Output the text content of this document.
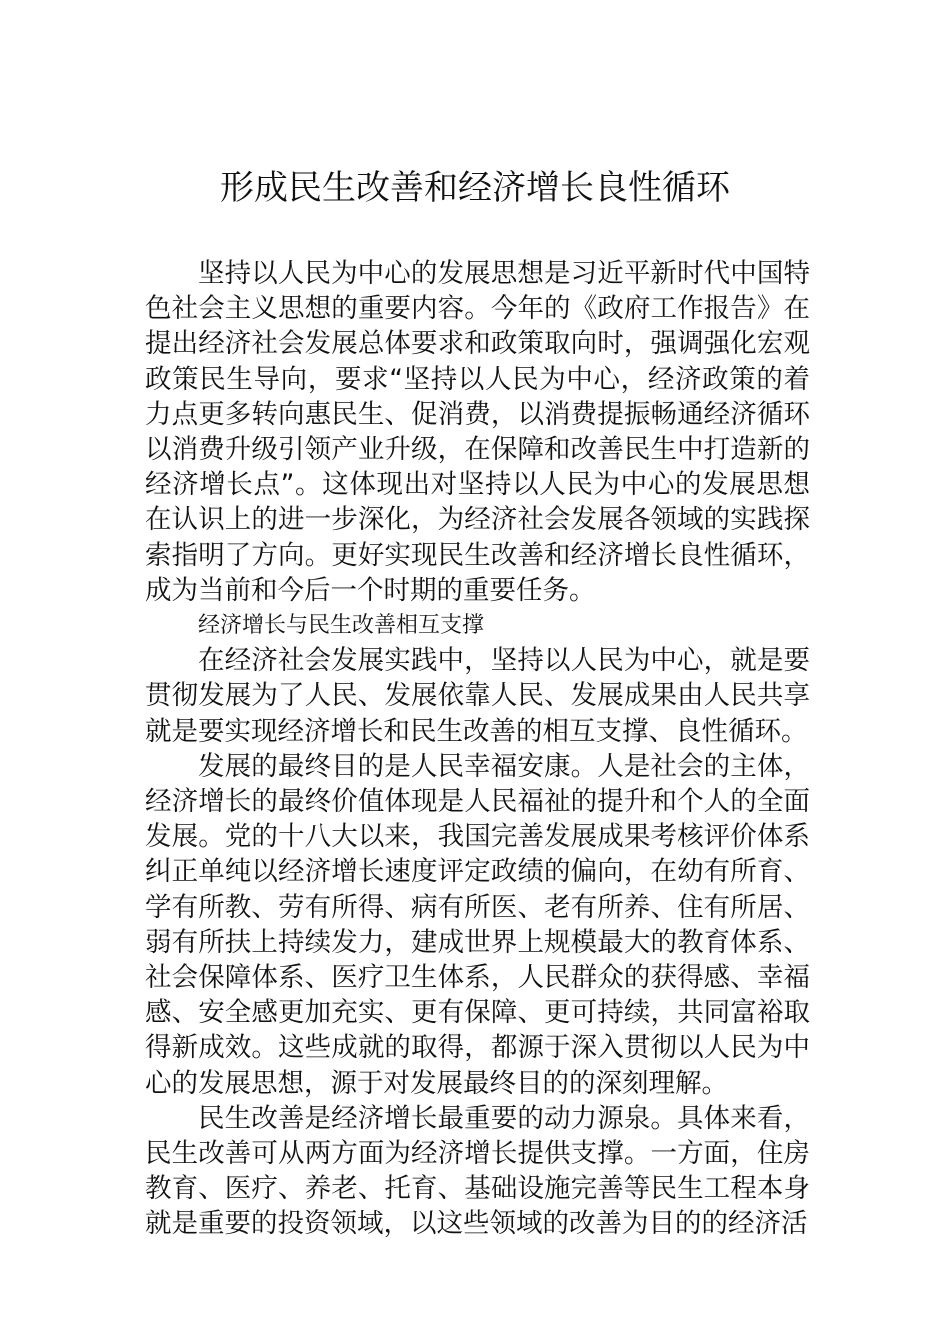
形成民生改善和经济增长良性循环

坚持以人民为中心的发展思想是习近平新时代中国特色社会主义思想的重要内容。今年的《政府工作报告》在提出经济社会发展总体要求和政策取向时，强调强化宏观政策民生导向，要求“坚持以人民为中心，经济政策的着力点更多转向惠民生、促消费，以消费提振畅通经济循环以消费升级引领产业升级，在保障和改善民生中打造新的经济增长点”。这体现出对坚持以人民为中心的发展思想在认识上的进一步深化，为经济社会发展各领域的实践探索指明了方向。更好实现民生改善和经济增长良性循环，成为当前和今后一个时期的重要任务。

经济增长与民生改善相互支撑

在经济社会发展实践中，坚持以人民为中心，就是要贯彻发展为了人民、发展依靠人民、发展成果由人民共享就是要实现经济增长和民生改善的相互支撑、良性循环。

发展的最终目的是人民幸福安康。人是社会的主体，经济增长的最终价值体现是人民福祉的提升和个人的全面发展。党的十八大以来，我国完善发展成果考核评价体系纠正单纯以经济增长速度评定政绩的偏向，在幼有所育、学有所教、劳有所得、病有所医、老有所养、住有所居、弱有所扶上持续发力，建成世界上规模最大的教育体系、社会保障体系、医疗卫生体系，人民群众的获得感、幸福感、安全感更加充实、更有保障、更可持续，共同富裕取得新成效。这些成就的取得，都源于深入贯彻以人民为中心的发展思想，源于对发展最终目的的深刻理解。

民生改善是经济增长最重要的动力源泉。具体来看，民生改善可从两方面为经济增长提供支撑。一方面，住房教育、医疗、养老、托育、基础设施完善等民生工程本身就是重要的投资领域，以这些领域的改善为目的的经济活
